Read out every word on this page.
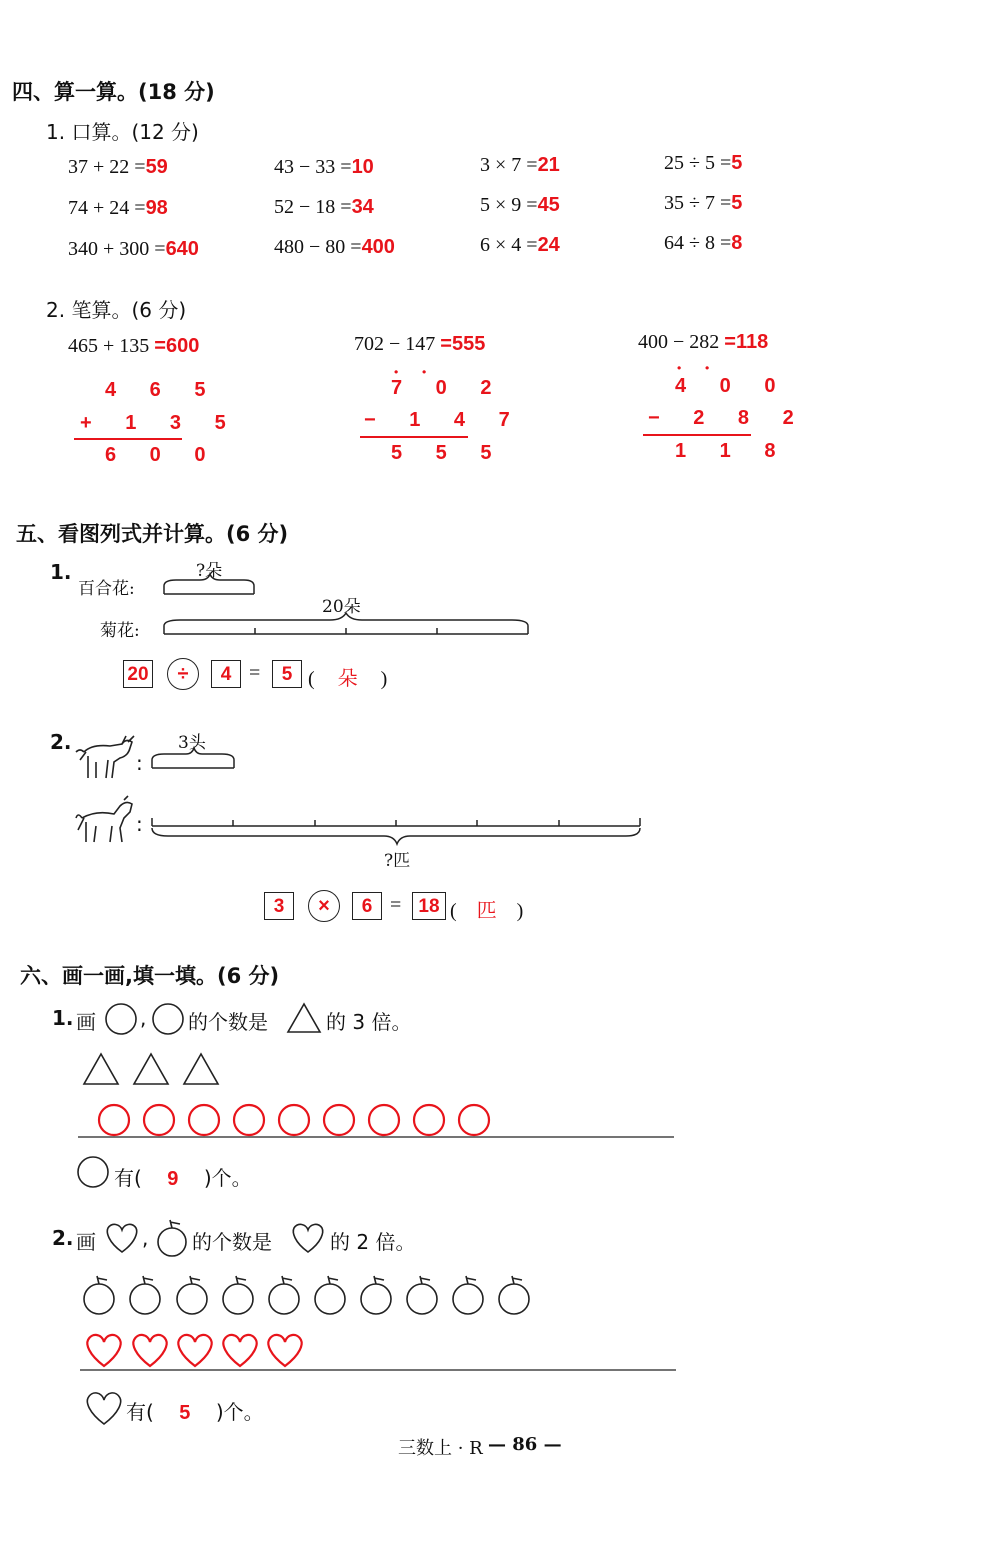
四、算一算。(18 分)
1. 口算。(12 分)
37 + 22 =59	43 − 33 =10	3 × 7 =21	25 ÷ 5 =5
74 + 24 =98	52 − 18 =34	5 × 9 =45	35 ÷ 7 =5
340 + 300 =640	480 − 80 =400	6 × 4 =24	64 ÷ 8 =8
2. 笔算。(6 分)
465 + 135 =600
4 6 5
+ 1 3 5
6 0 0
702 − 147 =555
· ·
7 0 2
− 1 4 7
5 5 5
400 − 282 =118
· ·
4 0 0
− 2 8 2
1 1 8
五、看图列式并计算。(6 分)
1.
百合花:
菊花:
?朵
20朵
20	÷	4 =	5 ( 朵 )
2.
:
:
3头
?匹
3	×	6 = 18 ( 匹 )
六、画一画,填一填。(6 分)
1. 画 , 的个数是	的 3 倍。
有( 9 )个。
2. 画 , 的个数是	的 2 倍。
有( 5 )个。
三数上 · R — 86 —
